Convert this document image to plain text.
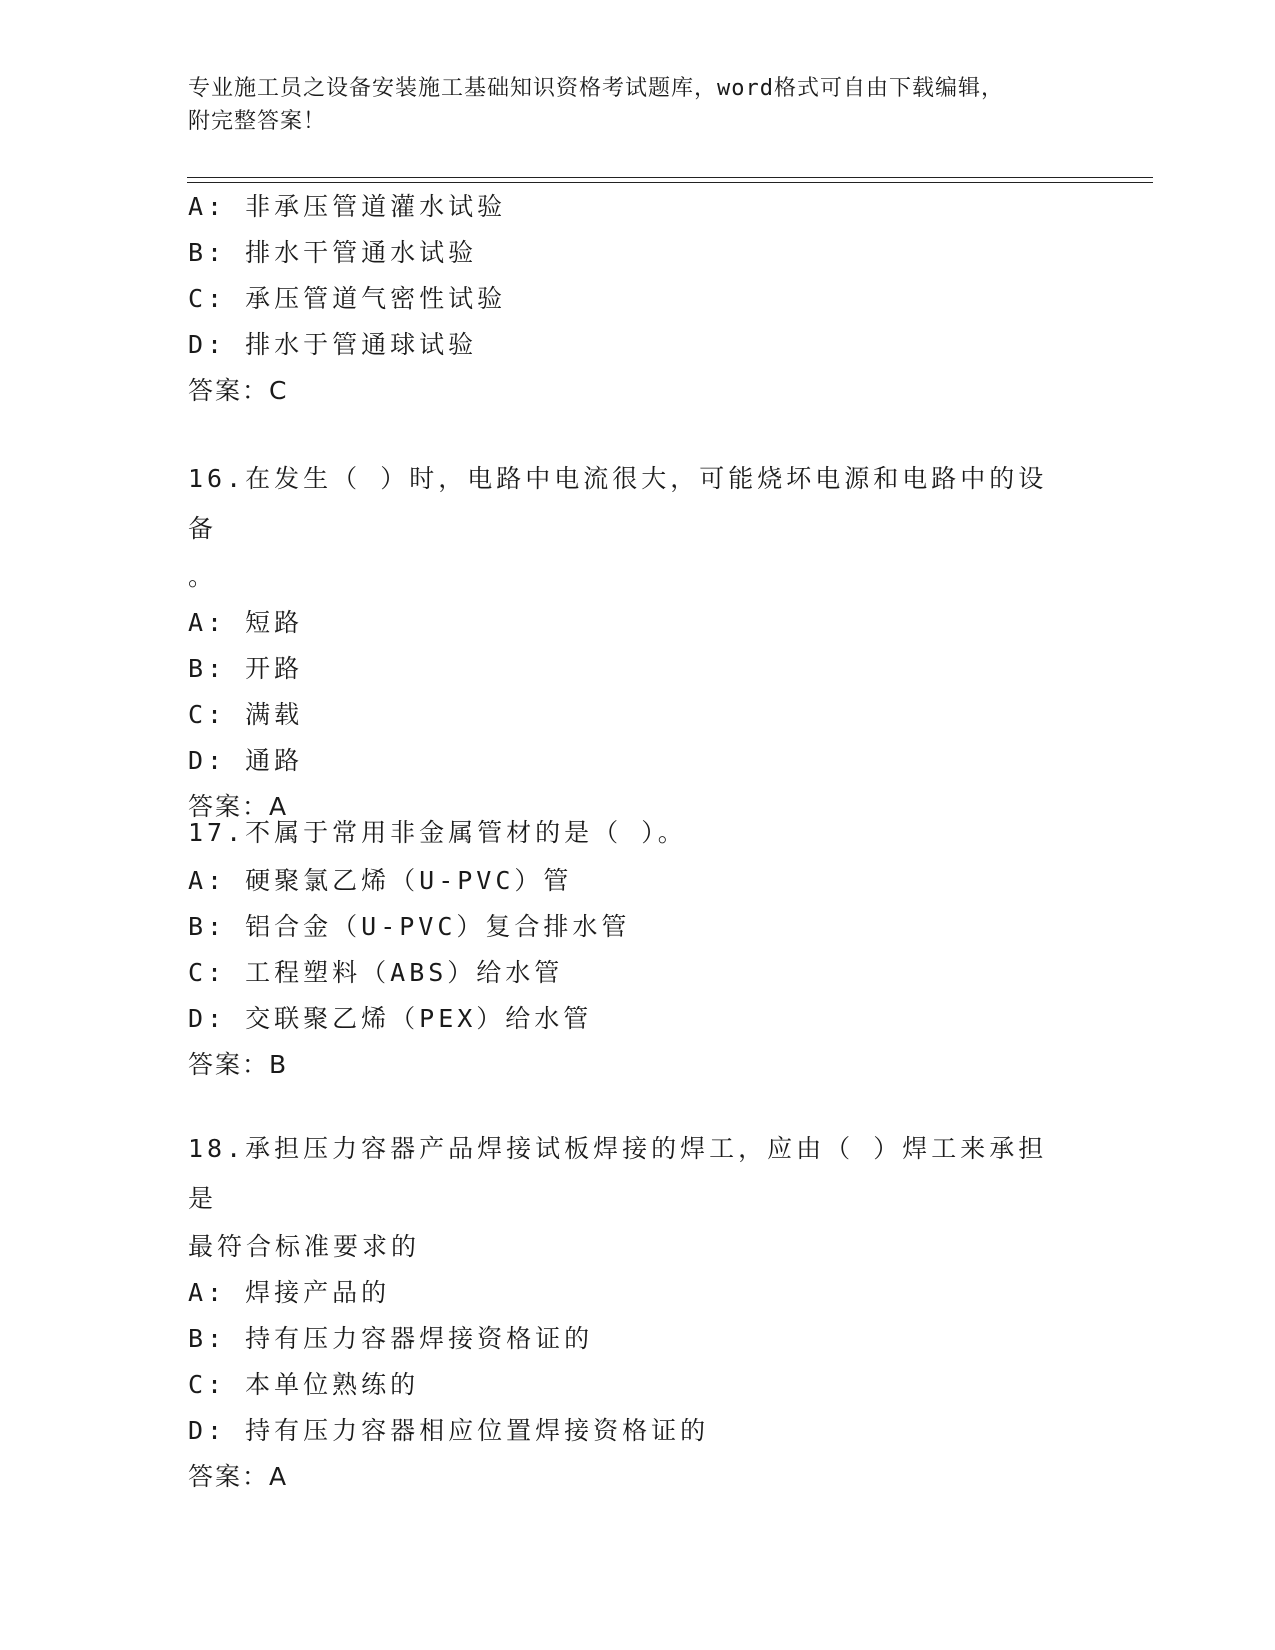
专业施工员之设备安装施工基础知识资格考试题库，word格式可自由下载编辑，
附完整答案！
A: 非承压管道灌水试验
B: 排水干管通水试验
C: 承压管道气密性试验
D: 排水于管通球试验
答案：C
16.在发生（ ）时，电路中电流很大，可能烧坏电源和电路中的设备
。
A: 短路
B: 开路
C: 满载
D: 通路
答案：A
17.不属于常用非金属管材的是（ ）。
A: 硬聚氯乙烯（U-PVC）管
B: 铝合金（U-PVC）复合排水管
C: 工程塑料（ABS）给水管
D: 交联聚乙烯（PEX）给水管
答案：B
18.承担压力容器产品焊接试板焊接的焊工，应由（ ）焊工来承担是
最符合标准要求的
A: 焊接产品的
B: 持有压力容器焊接资格证的
C: 本单位熟练的
D: 持有压力容器相应位置焊接资格证的
答案：A
